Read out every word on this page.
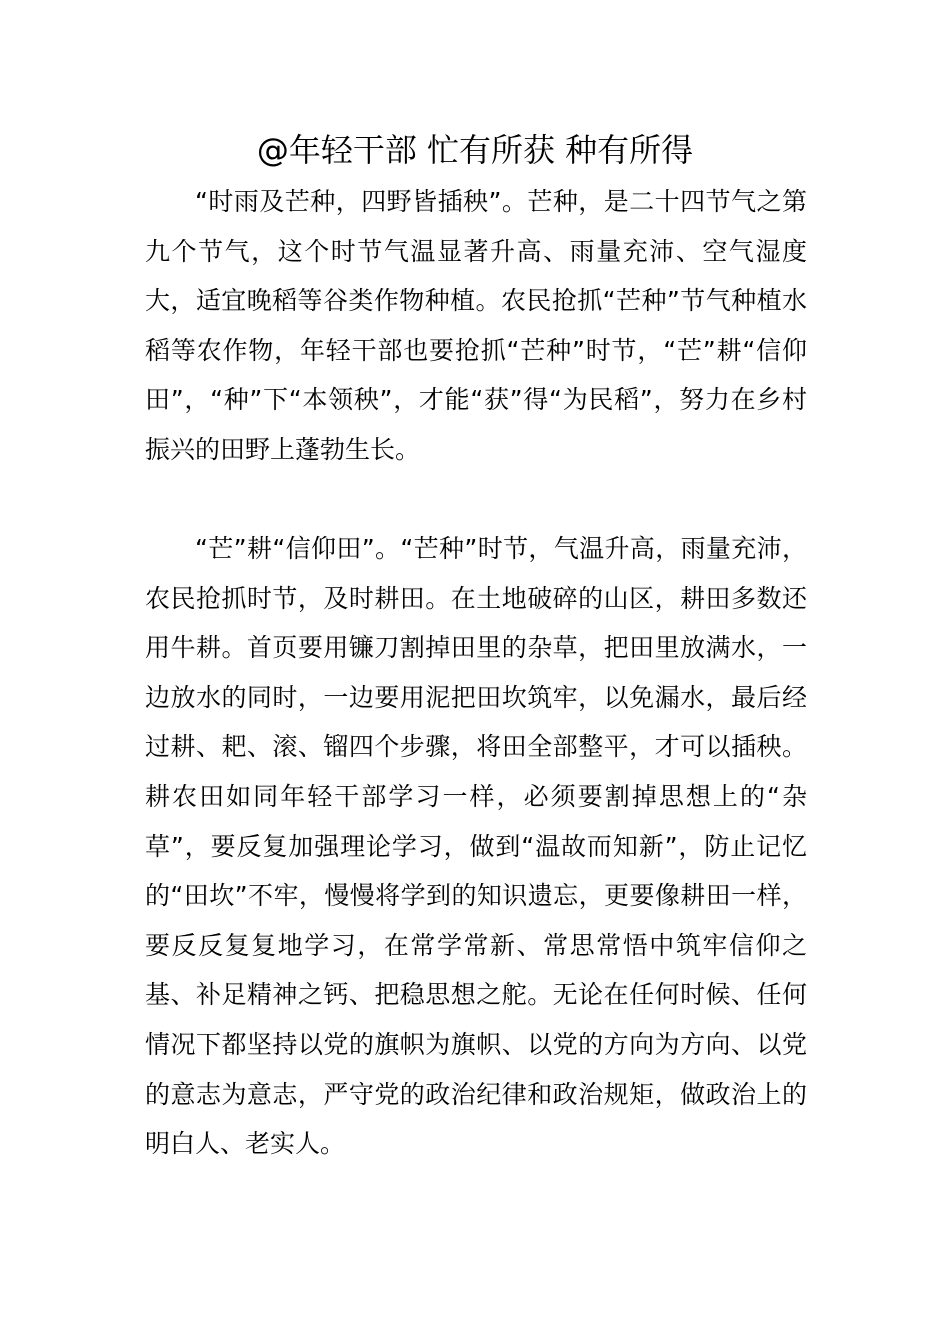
@年轻干部 忙有所获 种有所得

“时雨及芒种，四野皆插秧”。芒种，是二十四节气之第九个节气，这个时节气温显著升高、雨量充沛、空气湿度大，适宜晚稻等谷类作物种植。农民抢抓“芒种”节气种植水稻等农作物，年轻干部也要抢抓“芒种”时节，“芒”耕“信仰田”，“种”下“本领秧”，才能“获”得“为民稻”，努力在乡村振兴的田野上蓬勃生长。

“芒”耕“信仰田”。“芒种”时节，气温升高，雨量充沛，农民抢抓时节，及时耕田。在土地破碎的山区，耕田多数还用牛耕。首页要用镰刀割掉田里的杂草，把田里放满水，一边放水的同时，一边要用泥把田坎筑牢，以免漏水，最后经过耕、耙、滚、镏四个步骤，将田全部整平，才可以插秧。耕农田如同年轻干部学习一样，必须要割掉思想上的“杂草”，要反复加强理论学习，做到“温故而知新”，防止记忆的“田坎”不牢，慢慢将学到的知识遗忘，更要像耕田一样，要反反复复地学习，在常学常新、常思常悟中筑牢信仰之基、补足精神之钙、把稳思想之舵。无论在任何时候、任何情况下都坚持以党的旗帜为旗帜、以党的方向为方向、以党的意志为意志，严守党的政治纪律和政治规矩，做政治上的明白人、老实人。
